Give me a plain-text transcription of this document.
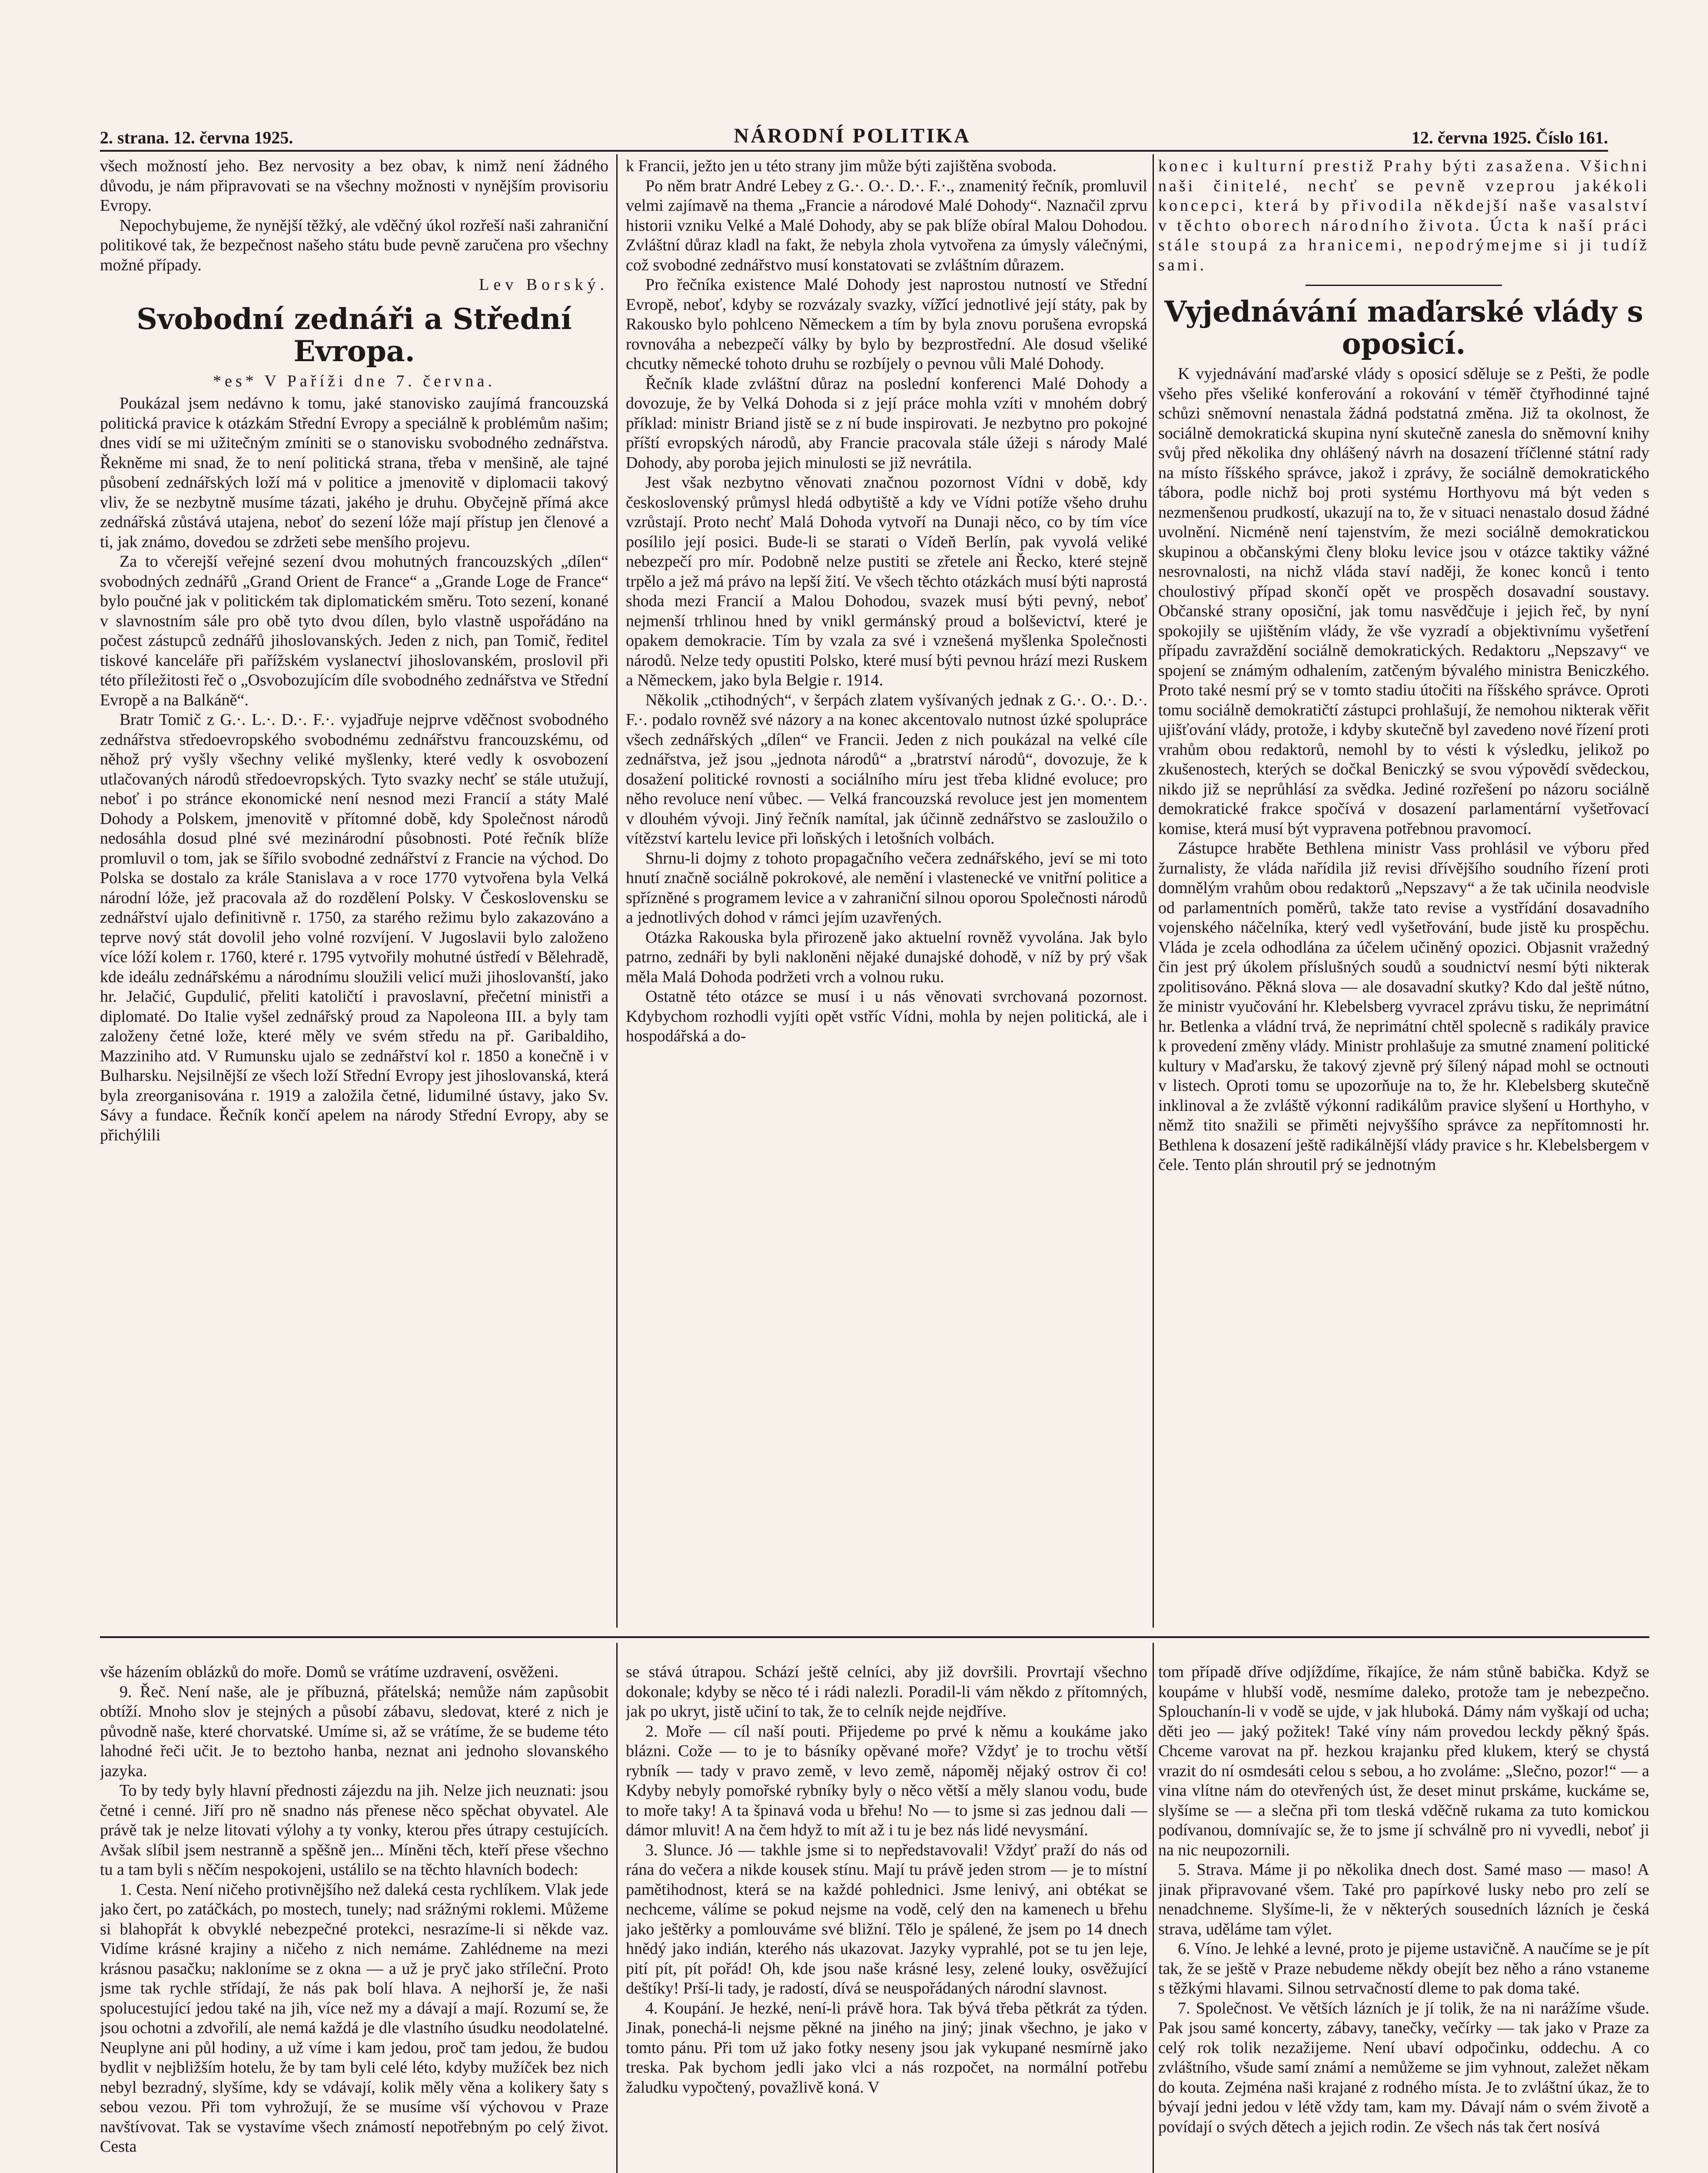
2. strana. 12. června 1925.	NÁRODNÍ POLITIKA	12. června 1925. Číslo 161.

všech možností jeho. Bez nervosity a bez obav, k nimž není žádného důvodu, je nám připravovati se na všechny možnosti v nynějším provisoriu Evropy.

Nepochybujeme, že nynější těžký, ale vděčný úkol rozřeší naši zahraniční politikové tak, že bezpečnost našeho státu bude pevně zaručena pro všechny možné případy.

Lev Borský.

Svobodní zednáři a Střední Evropa.
*es* V Paříži dne 7. června.

Poukázal jsem nedávno k tomu, jaké stanovisko zaujímá francouzská politická pravice k otázkám Střední Evropy a speciálně k problémům našim; dnes vidí se mi užitečným zmíniti se o stanovisku svobodného zednářstva. Řekněme mi snad, že to není politická strana, třeba v menšině, ale tajné působení zednářských loží má v politice a jmenovitě v diplomacii takový vliv, že se nezbytně musíme tázati, jakého je druhu. Obyčejně přímá akce zednářská zůstává utajena, neboť do sezení lóže mají přístup jen členové a ti, jak známo, dovedou se zdržeti sebe menšího projevu.

Za to včerejší veřejné sezení dvou mohutných francouzských „dílen“ svobodných zednářů „Grand Orient de France“ a „Grande Loge de France“ bylo poučné jak v politickém tak diplomatickém směru. Toto sezení, konané v slavnostním sále pro obě tyto dvou dílen, bylo vlastně uspořádáno na počest zástupců zednářů jihoslovanských. Jeden z nich, pan Tomič, ředitel tiskové kanceláře při pařížském vyslanectví jihoslovanském, proslovil při této příležitosti řeč o „Osvobozujícím díle svobodného zednářstva ve Střední Evropě a na Balkáně“.

Bratr Tomič z G.·. L.·. D.·. F.·. vyjadřuje nejprve vděčnost svobodného zednářstva středoevropského svobodnému zednářstvu francouzskému, od něhož prý vyšly všechny veliké myšlenky, které vedly k osvobození utlačovaných národů středoevropských. Tyto svazky nechť se stále utužují, neboť i po stránce ekonomické není nesnod mezi Francií a státy Malé Dohody a Polskem, jmenovitě v přítomné době, kdy Společnost národů nedosáhla dosud plné své mezinárodní působnosti. Poté řečník blíže promluvil o tom, jak se šířilo svobodné zednářství z Francie na východ. Do Polska se dostalo za krále Stanislava a v roce 1770 vytvořena byla Velká národní lóže, jež pracovala až do rozdělení Polsky. V Československu se zednářství ujalo definitivně r. 1750, za starého režimu bylo zakazováno a teprve nový stát dovolil jeho volné rozvíjení. V Jugoslavii bylo založeno více lóží kolem r. 1760, které r. 1795 vytvořily mohutné ústředí v Bělehradě, kde ideálu zednářskému a národnímu sloužili velicí muži jihoslovanští, jako hr. Jelačić, Gupdulić, přeliti katoličtí i pravoslavní, přečetní ministři a diplomaté. Do Italie vyšel zednářský proud za Napoleona III. a byly tam založeny četné lože, které měly ve svém středu na př. Garibaldiho, Mazziniho atd. V Rumunsku ujalo se zednářství kol r. 1850 a konečně i v Bulharsku. Nejsilnější ze všech loží Střední Evropy jest jihoslovanská, která byla zreorganisována r. 1919 a založila četné, lidumilné ústavy, jako Sv. Sávy a fundace. Řečník končí apelem na národy Střední Evropy, aby se přichýlili

k Francii, ježto jen u této strany jim může býti zajištěna svoboda.

Po něm bratr André Lebey z G.·. O.·. D.·. F.·., znamenitý řečník, promluvil velmi zajímavě na thema „Francie a národové Malé Dohody“. Naznačil zprvu historii vzniku Velké a Malé Dohody, aby se pak blíže obíral Malou Dohodou. Zvláštní důraz kladl na fakt, že nebyla zhola vytvořena za úmysly válečnými, což svobodné zednářstvo musí konstatovati se zvláštním důrazem.

Pro řečníka existence Malé Dohody jest naprostou nutností ve Střední Evropě, neboť, kdyby se rozvázaly svazky, víž̌ící jednotlivé její státy, pak by Rakousko bylo pohlceno Německem a tím by byla znovu porušena evropská rovnováha a nebezpečí války by bylo by bezprostřední. Ale dosud všeliké chcutky německé tohoto druhu se rozbíjely o pevnou vůli Malé Dohody.

Řečník klade zvláštní důraz na poslední konferenci Malé Dohody a dovozuje, že by Velká Dohoda si z její práce mohla vzíti v mnohém dobrý příklad: ministr Briand jistě se z ní bude inspirovati. Je nezbytno pro pokojné příští evropských národů, aby Francie pracovala stále úžeji s národy Malé Dohody, aby poroba jejich minulosti se již nevrátila.

Jest však nezbytno věnovati značnou pozornost Vídni v době, kdy československý průmysl hledá odbytiště a kdy ve Vídni potíže všeho druhu vzrůstají. Proto nechť Malá Dohoda vytvoří na Dunaji něco, co by tím více posílilo její posici. Bude-li se starati o Vídeň Berlín, pak vyvolá veliké nebezpečí pro mír. Podobně nelze pustiti se zřetele ani Řecko, které stejně trpělo a jež má právo na lepší žití. Ve všech těchto otázkách musí býti naprostá shoda mezi Francií a Malou Dohodou, svazek musí býti pevný, neboť nejmenší trhlinou hned by vnikl germánský proud a bolševictví, které je opakem demokracie. Tím by vzala za své i vznešená myšlenka Společnosti národů. Nelze tedy opustiti Polsko, které musí býti pevnou hrází mezi Ruskem a Německem, jako byla Belgie r. 1914.

Několik „ctihodných“, v šerpách zlatem vyšívaných jednak z G.·. O.·. D.·. F.·. podalo rovněž své názory a na konec akcentovalo nutnost úzké spolupráce všech zednářských „dílen“ ve Francii. Jeden z nich poukázal na velké cíle zednářstva, jež jsou „jednota národů“ a „bratrství národů“, dovozuje, že k dosažení politické rovnosti a sociálního míru jest třeba klidné evoluce; pro něho revoluce není vůbec. — Velká francouzská revoluce jest jen momentem v dlouhém vývoji. Jiný řečník namítal, jak účinně zednářstvo se zasloužilo o vítězství kartelu levice při loňských i letošních volbách.

Shrnu-li dojmy z tohoto propagačního večera zednářského, jeví se mi toto hnutí značně sociálně pokrokové, ale nemění i vlastenecké ve vnitřní politice a spřízněné s programem levice a v zahraniční silnou oporou Společnosti národů a jednotlivých dohod v rámci jejím uzavřených.

Otázka Rakouska byla přirozeně jako aktuelní rovněž vyvolána. Jak bylo patrno, zednáři by byli nakloněni nějaké dunajské dohodě, v níž by prý však měla Malá Dohoda podržeti vrch a volnou ruku.

Ostatně této otázce se musí i u nás věnovati svrchovaná pozornost. Kdybychom rozhodli vyjíti opět vstříc Vídni, mohla by nejen politická, ale i hospodářská a do-

konec i kulturní prestiž Prahy býti zasažena. Všichni naši činitelé, nechť se pevně vzeprou jakékoli koncepci, která by přivodila někdejší naše vasalství v těchto oborech národního života. Úcta k naší práci stále stoupá za hranicemi, nepodrýmejme si ji tudíž sami.

Vyjednávání maďarské vlády s oposicí.

K vyjednávání maďarské vlády s oposicí sděluje se z Pešti, že podle všeho přes všeliké konferování a rokování v téměř čtyřhodinné tajné schůzi sněmovní nenastala žádná podstatná změna. Již ta okolnost, že sociálně demokratická skupina nyní skutečně zanesla do sněmovní knihy svůj před několika dny ohlášený návrh na dosazení tříčlenné státní rady na místo říšského správce, jakož i zprávy, že sociálně demokratického tábora, podle nichž boj proti systému Horthyovu má být veden s nezmenšenou prudkostí, ukazují na to, že v situaci nenastalo dosud žádné uvolnění. Nicméně není tajenstvím, že mezi sociálně demokratickou skupinou a občanskými členy bloku levice jsou v otázce taktiky vážné nesrovnalosti, na nichž vláda staví naději, že konec konců i tento choulostivý případ skončí opět ve prospěch dosavadní soustavy. Občanské strany oposiční, jak tomu nasvědčuje i jejich řeč, by nyní spokojily se ujištěním vlády, že vše vyzradí a objektivnímu vyšetření případu zavraždění sociálně demokratických. Redaktoru „Nepszavy“ ve spojení se známým odhalením, zatčeným bývalého ministra Beniczkého. Proto také nesmí prý se v tomto stadiu útočiti na říšského správce. Oproti tomu sociálně demokratičtí zástupci prohlašují, že nemohou nikterak věřit ujišťování vlády, protože, i kdyby skutečně byl zavedeno nové řízení proti vrahům obou redaktorů, nemohl by to vésti k výsledku, jelikož po zkušenostech, kterých se dočkal Beniczký se svou výpovědí svědeckou, nikdo již se neprůhlásí za svědka. Jediné rozřešení po názoru sociálně demokratické frakce spočívá v dosazení parlamentární vyšetřovací komise, která musí být vypravena potřebnou pravomocí.

Zástupce hraběte Bethlena ministr Vass prohlásil ve výboru před žurnalisty, že vláda nařídila již revisi dřívějšího soudního řízení proti domnělým vrahům obou redaktorů „Nepszavy“ a že tak učinila neodvisle od parlamentních poměrů, takže tato revise a vystřídání dosavadního vojenského náčelníka, který vedl vyšetřování, bude jistě ku prospěchu. Vláda je zcela odhodlána za účelem učiněný opozici. Objasnit vražedný čin jest prý úkolem příslušných soudů a soudnictví nesmí býti nikterak zpolitisováno. Pěkná slova — ale dosavadní skutky? Kdo dal ještě nútno, že ministr vyučování hr. Klebelsberg vyvracel zprávu tisku, že neprimátní hr. Betlenka a vládní trvá, že neprimátní chtěl spolecně s radikály pravice k provedení změny vlády. Ministr prohlašuje za smutné znamení politické kultury v Maďarsku, že takový zjevně prý šílený nápad mohl se octnouti v listech. Oproti tomu se upozorňuje na to, že hr. Klebelsberg skutečně inklinoval a že zvláště výkonní radikálům pravice slyšení u Horthyho, v němž tito snažili se přiměti nejvyššího správce za nepřítomnosti hr. Bethlena k dosazení ještě radikálnější vlády pravice s hr. Klebelsbergem v čele. Tento plán shroutil prý se jednotným

vše házením oblázků do moře. Domů se vrátíme uzdravení, osvěženi.

9. Řeč. Není naše, ale je příbuzná, přátelská; nemůže nám zapůsobit obtíží. Mnoho slov je stejných a působí zábavu, sledovat, které z nich je původně naše, které chorvatské. Umíme si, až se vrátíme, že se budeme této lahodné řeči učit. Je to beztoho hanba, neznat ani jednoho slovanského jazyka.

To by tedy byly hlavní přednosti zájezdu na jih. Nelze jich neuznati: jsou četné i cenné. Jiří pro ně snadno nás přenese něco spěchat obyvatel. Ale právě tak je nelze litovati výlohy a ty vonky, kterou přes útrapy cestujících. Avšak slíbil jsem nestranně a spěšně jen... Míněni těch, kteří přese všechno tu a tam byli s něčím nespokojeni, ustálilo se na těchto hlavních bodech:

1. Cesta. Není ničeho protivnějšího než daleká cesta rychlíkem. Vlak jede jako čert, po zatáčkách, po mostech, tunely; nad srážnými roklemi. Můžeme si blahopřát k obvyklé nebezpečné protekci, nesrazíme-li si někde vaz. Vidíme krásné krajiny a ničeho z nich nemáme. Zahlédneme na mezi krásnou pasačku; nakloníme se z okna — a už je pryč jako stříleční. Proto jsme tak rychle střídají, že nás pak bolí hlava. A nejhorší je, že naši spolucestující jedou také na jih, více než my a dávají a mají. Rozumí se, že jsou ochotni a zdvořilí, ale nemá každá je dle vlastního úsudku neodolatelné. Neuplyne ani půl hodiny, a už víme i kam jedou, proč tam jedou, že budou bydlit v nejbližším hotelu, že by tam byli celé léto, kdyby mužíček bez nich nebyl bezradný, slyšíme, kdy se vdávají, kolik měly věna a kolikery šaty s sebou vezou. Při tom vyhrožují, že se musíme vší výchovou v Praze navštívovat. Tak se vystavíme všech známostí nepotřebným po celý život. Cesta

se stává útrapou. Schází ještě celníci, aby již dovršili. Provrtají všechno dokonale; kdyby se něco té i rádi nalezli. Poradil-li vám někdo z přítomných, jak po ukryt, jistě učiní to tak, že to celník nejde nejdříve.

2. Moře — cíl naší pouti. Přijedeme po prvé k němu a koukáme jako blázni. Cože — to je to básníky opěvané moře? Vždyť je to trochu větší rybník — tady v pravo země, v levo země, nápoměj nějaký ostrov či co! Kdyby nebyly pomořské rybníky byly o něco větší a měly slanou vodu, bude to moře taky! A ta špinavá voda u břehu! No — to jsme si zas jednou dali — dámor mluvit! A na čem hdyž to mít až i tu je bez nás lidé nevysmání.

3. Slunce. Jó — takhle jsme si to nepředstavovali! Vždyť praží do nás od rána do večera a nikde kousek stínu. Mají tu právě jeden strom — je to místní pamětihodnost, která se na každé pohlednici. Jsme lenivý, ani obtékat se nechceme, válíme se pokud nejsme na vodě, celý den na kamenech u břehu jako ještěrky a pomlouváme své bližní. Tělo je spálené, že jsem po 14 dnech hnědý jako indián, kterého nás ukazovat. Jazyky vyprahlé, pot se tu jen leje, pití pít, pít pořád! Oh, kde jsou naše krásné lesy, zelené louky, osvěžující deštíky! Prší-li tady, je radostí, dívá se neuspořádaných národní slavnost.

4. Koupání. Je hezké, není-li právě hora. Tak bývá třeba pětkrát za týden. Jinak, ponechá-li nejsme pěkné na jiného na jiný; jinak všechno, je jako v tomto pánu. Při tom už jako fotky neseny jsou jak vykupané nesmírně jako treska. Pak bychom jedli jako vlci a nás rozpočet, na normální potřebu žaludku vypočtený, považlivě koná. V

tom případě dříve odjíždíme, říkajíce, že nám stůně babička. Když se koupáme v hlubší vodě, nesmíme daleko, protože tam je nebezpečno. Splouchanín-li v vodě se ujde, v jak hluboká. Dámy nám vyškají od ucha; děti jeo — jaký požitek! Také víny nám provedou leckdy pěkný špás. Chceme varovat na př. hezkou krajanku před klukem, který se chystá vrazit do ní osmdesáti celou s sebou, a ho zvoláme: „Slečno, pozor!“ — a vina vlítne nám do otevřených úst, že deset minut prskáme, kuckáme se, slyšíme se — a slečna při tom tleská vděčně rukama za tuto komickou podívanou, domnívajíc se, že to jsme jí schválně pro ni vyvedli, neboť ji na nic neupozornili.

5. Strava. Máme ji po několika dnech dost. Samé maso — maso! A jinak připravované všem. Také pro papírkové lusky nebo pro zelí se nenadchneme. Slyšíme-li, že v některých sousedních lázních je česká strava, uděláme tam výlet.

6. Víno. Je lehké a levné, proto je pijeme ustavičně. A naučíme se je pít tak, že se ještě v Praze nebudeme někdy obejít bez něho a ráno vstaneme s těžkými hlavami. Silnou setrvačností dleme to pak doma také.

7. Společnost. Ve větších lázních je jí tolik, že na ni narážíme všude. Pak jsou samé koncerty, zábavy, tanečky, večírky — tak jako v Praze za celý rok tolik nezažijeme. Není ubaví odpočinku, oddechu. A co zvláštního, všude samí známí a nemůžeme se jim vyhnout, zaležet někam do kouta. Zejména naši krajané z rodného místa. Je to zvláštní úkaz, že to bývají jedni jedou v létě vždy tam, kam my. Dávají nám o svém životě a povídají o svých dětech a jejich rodin. Ze všech nás tak čert nosívá
